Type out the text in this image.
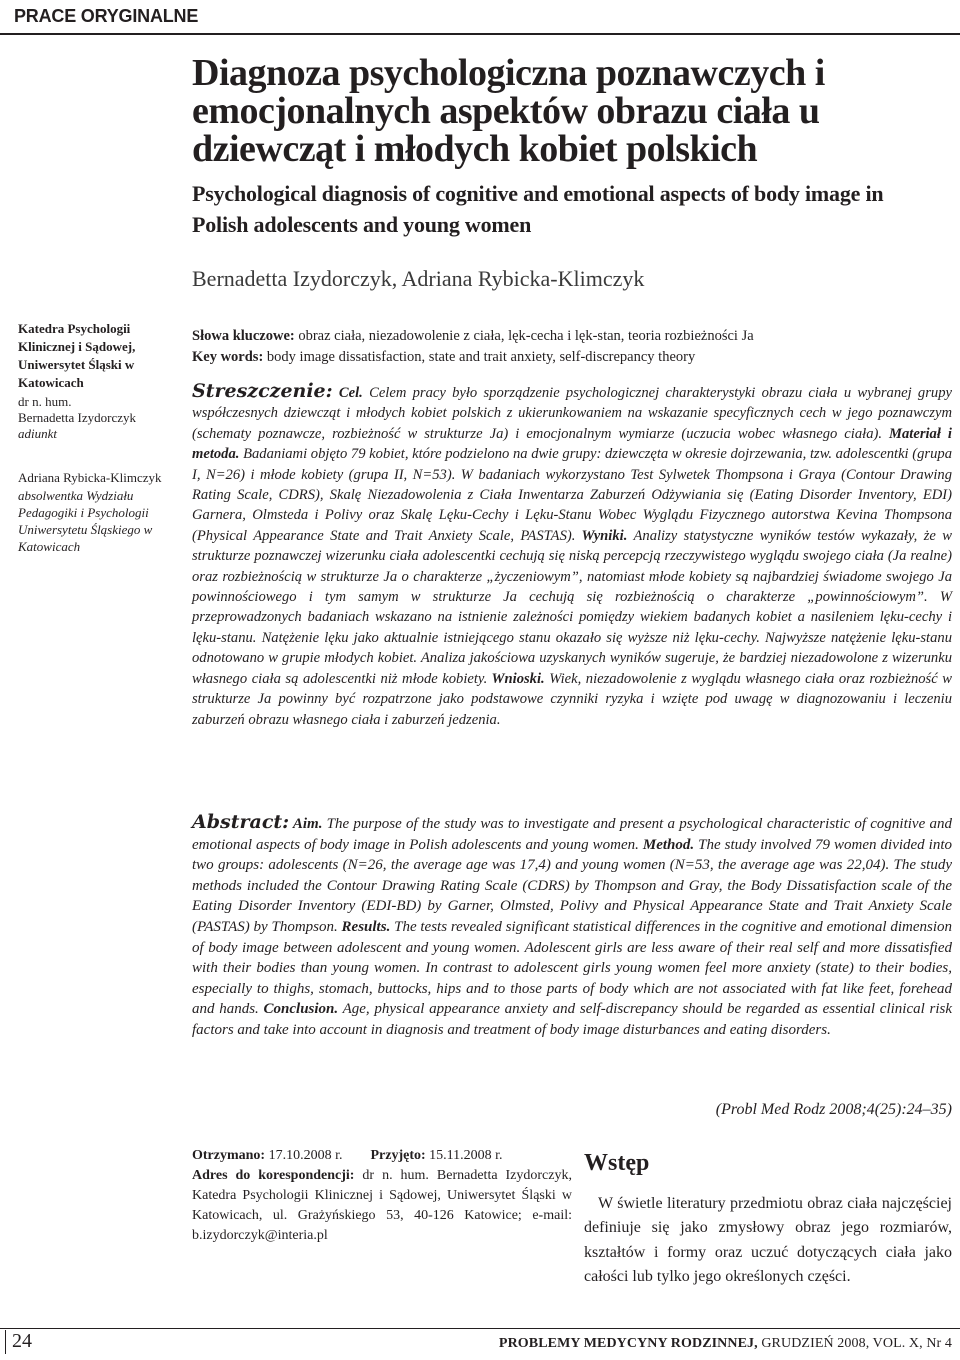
PRACE ORYGINALNE
Diagnoza psychologiczna poznawczych i emocjonalnych aspektów obrazu ciała u dziewcząt i młodych kobiet polskich
Psychological diagnosis of cognitive and emotional aspects of body image in Polish adolescents and young women
Bernadetta Izydorczyk, Adriana Rybicka-Klimczyk
Katedra Psychologii Klinicznej i Sądowej, Uniwersytet Śląski w Katowicach
dr n. hum.
Bernadetta Izydorczyk
adiunkt
Adriana Rybicka-Klimczyk
absolwentka Wydziału Pedagogiki i Psychologii Uniwersytetu Śląskiego w Katowicach
Słowa kluczowe: obraz ciała, niezadowolenie z ciała, lęk-cecha i lęk-stan, teoria rozbieżności Ja
Key words: body image dissatisfaction, state and trait anxiety, self-discrepancy theory
Streszczenie: Cel. Celem pracy było sporządzenie psychologicznej charakterystyki obrazu ciała u wybranej grupy współczesnych dziewcząt i młodych kobiet polskich z ukierunkowaniem na wskazanie specyficznych cech w jego poznawczym (schematy poznawcze, rozbieżność w strukturze Ja) i emocjonalnym wymiarze (uczucia wobec własnego ciała). Materiał i metoda. Badaniami objęto 79 kobiet, które podzielono na dwie grupy: dziewczęta w okresie dojrzewania, tzw. adolescentki (grupa I, N=26) i młode kobiety (grupa II, N=53). W badaniach wykorzystano Test Sylwetek Thompsona i Graya (Contour Drawing Rating Scale, CDRS), Skalę Niezadowolenia z Ciała Inwentarza Zaburzeń Odżywiania się (Eating Disorder Inventory, EDI) Garnera, Olmsteda i Polivy oraz Skalę Lęku-Cechy i Lęku-Stanu Wobec Wyglądu Fizycznego autorstwa Kevina Thompsona (Physical Appearance State and Trait Anxiety Scale, PASTAS). Wyniki. Analizy statystyczne wyników testów wykazały, że w strukturze poznawczej wizerunku ciała adolescentki cechują się niską percepcją rzeczywistego wyglądu swojego ciała (Ja realne) oraz rozbieżnością w strukturze Ja o charakterze „życzeniowym”, natomiast młode kobiety są najbardziej świadome swojego Ja powinnościowego i tym samym w strukturze Ja cechują się rozbieżnością o charakterze „powinnościowym”. W przeprowadzonych badaniach wskazano na istnienie zależności pomiędzy wiekiem badanych kobiet a nasileniem lęku-cechy i lęku-stanu. Natężenie lęku jako aktualnie istniejącego stanu okazało się wyższe niż lęku-cechy. Najwyższe natężenie lęku-stanu odnotowano w grupie młodych kobiet. Analiza jakościowa uzyskanych wyników sugeruje, że bardziej niezadowolone z wizerunku własnego ciała są adolescentki niż młode kobiety. Wnioski. Wiek, niezadowolenie z wyglądu własnego ciała oraz rozbieżność w strukturze Ja powinny być rozpatrzone jako podstawowe czynniki ryzyka i wzięte pod uwagę w diagnozowaniu i leczeniu zaburzeń obrazu własnego ciała i zaburzeń jedzenia.
Abstract: Aim. The purpose of the study was to investigate and present a psychological characteristic of cognitive and emotional aspects of body image in Polish adolescents and young women. Method. The study involved 79 women divided into two groups: adolescents (N=26, the average age was 17,4) and young women (N=53, the average age was 22,04). The study methods included the Contour Drawing Rating Scale (CDRS) by Thompson and Gray, the Body Dissatisfaction scale of the Eating Disorder Inventory (EDI-BD) by Garner, Olmsted, Polivy and Physical Appearance State and Trait Anxiety Scale (PASTAS) by Thompson. Results. The tests revealed significant statistical differences in the cognitive and emotional dimension of body image between adolescent and young women. Adolescent girls are less aware of their real self and more dissatisfied with their bodies than young women. In contrast to adolescent girls young women feel more anxiety (state) to their bodies, especially to thighs, stomach, buttocks, hips and to those parts of body which are not associated with fat like feet, forehead and hands. Conclusion. Age, physical appearance anxiety and self-discrepancy should be regarded as essential clinical risk factors and take into account in diagnosis and treatment of body image disturbances and eating disorders.
(Probl Med Rodz 2008;4(25):24–35)
Otrzymano: 17.10.2008 r. Przyjęto: 15.11.2008 r.
Adres do korespondencji: dr n. hum. Bernadetta Izydorczyk, Katedra Psychologii Klinicznej i Sądowej, Uniwersytet Śląski w Katowicach, ul. Grażyńskiego 53, 40-126 Katowice; e-mail: b.izydorczyk@interia.pl
Wstęp
W świetle literatury przedmiotu obraz ciała najczęściej definiuje się jako zmysłowy obraz jego rozmiarów, kształtów i formy oraz uczuć dotyczących ciała jako całości lub tylko jego określonych części.
24	PROBLEMY MEDYCYNY RODZINNEJ, GRUDZIEŃ 2008, VOL. X, Nr 4
